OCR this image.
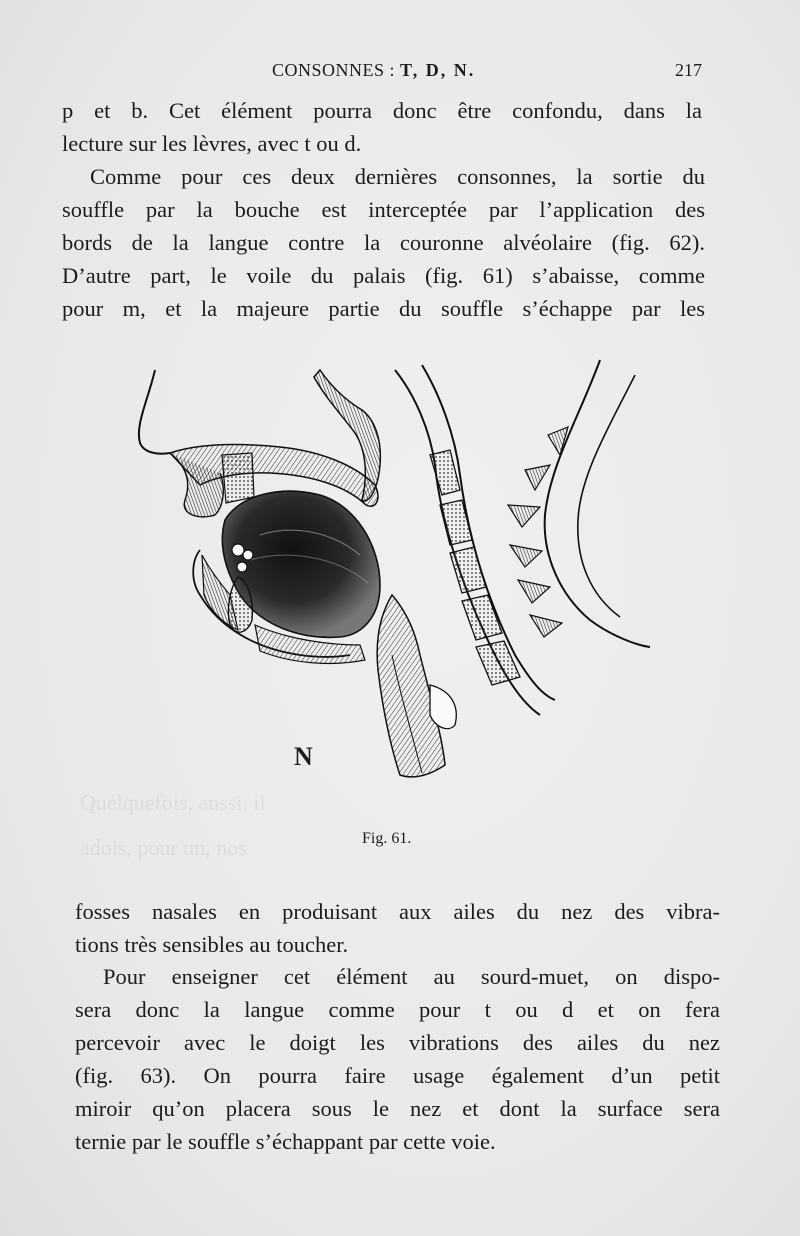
Quelquefois, aussi, il
adois, pour un, nos
CONSONNES : T, D, N.	217
p et b. Cet élément pourra donc être confondu, dans la
lecture sur les lèvres, avec t ou d.
Comme pour ces deux dernières consonnes, la sortie du
souffle par la bouche est interceptée par l’application des
bords de la langue contre la couronne alvéolaire (fig. 62).
D’autre part, le voile du palais (fig. 61) s’abaisse, comme
pour m, et la majeure partie du souffle s’échappe par les
N
Fig. 61.
fosses nasales en produisant aux ailes du nez des vibra-
tions très sensibles au toucher.
Pour enseigner cet élément au sourd-muet, on dispo-
sera donc la langue comme pour t ou d et on fera
percevoir avec le doigt les vibrations des ailes du nez
(fig. 63). On pourra faire usage également d’un petit
miroir qu’on placera sous le nez et dont la surface sera
ternie par le souffle s’échappant par cette voie.
